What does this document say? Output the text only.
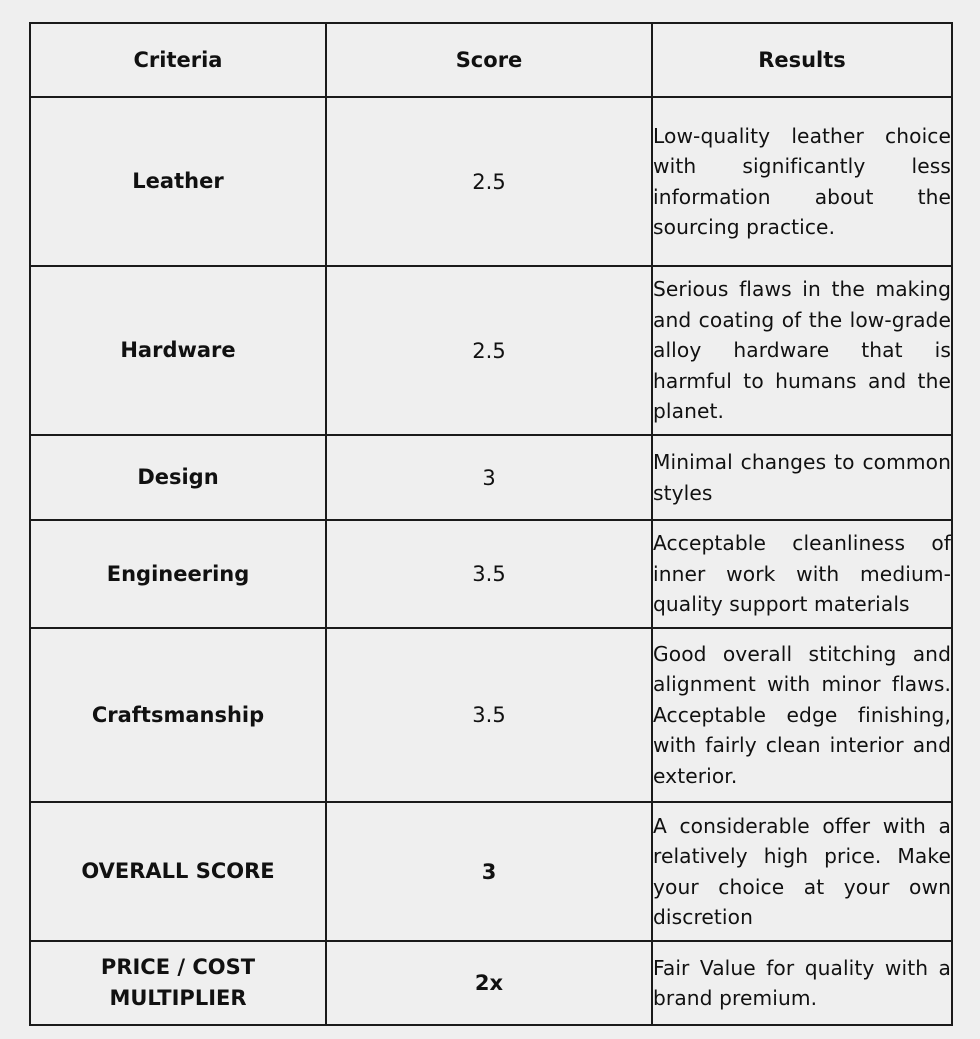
Criteria	Score	Results
Leather	2.5	Low-quality leather choice with significantly less information about the sourcing practice.
Hardware	2.5	Serious flaws in the making and coating of the low-grade alloy hardware that is harmful to humans and the planet.
Design	3	Minimal changes to common styles
Engineering	3.5	Acceptable cleanliness of inner work with medium-quality support materials
Craftsmanship	3.5	Good overall stitching and alignment with minor flaws. Acceptable edge finishing, with fairly clean interior and exterior.
OVERALL SCORE	3	A considerable offer with a relatively high price. Make your choice at your own discretion
PRICE / COST MULTIPLIER	2x	Fair Value for quality with a brand premium.
